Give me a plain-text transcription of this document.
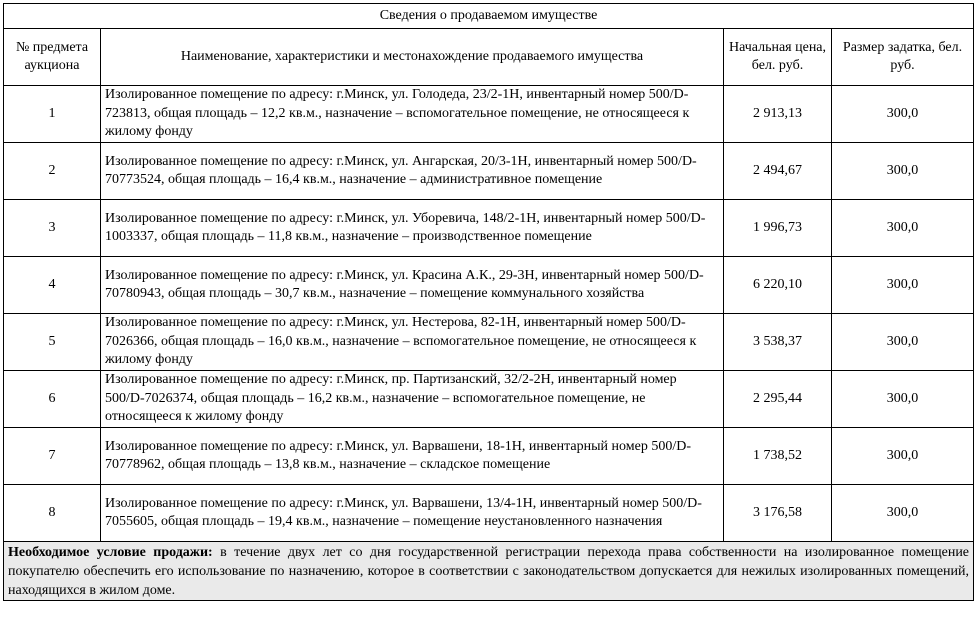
Сведения о продаваемом имуществе			
№ предмета аукциона	Наименование, характеристики и местонахождение продаваемого имущества	Начальная цена, бел. руб.	Размер задатка, бел. руб.
1	Изолированное помещение по адресу: г.Минск, ул. Голодеда, 23/2-1Н, инвентарный номер 500/D-723813, общая площадь – 12,2 кв.м., назначение – вспомогательное помещение, не относящееся к жилому фонду	2 913,13	300,0
2	Изолированное помещение по адресу: г.Минск, ул. Ангарская, 20/3-1Н, инвентарный номер 500/D-70773524, общая площадь – 16,4 кв.м., назначение – административное помещение	2 494,67	300,0
3	Изолированное помещение по адресу: г.Минск, ул. Уборевича, 148/2-1Н, инвентарный номер 500/D-1003337, общая площадь – 11,8 кв.м., назначение – производственное помещение	1 996,73	300,0
4	Изолированное помещение по адресу: г.Минск, ул. Красина А.К., 29-3Н, инвентарный номер 500/D-70780943, общая площадь – 30,7 кв.м., назначение – помещение коммунального хозяйства	6 220,10	300,0
5	Изолированное помещение по адресу: г.Минск, ул. Нестерова, 82-1Н, инвентарный номер 500/D-7026366, общая площадь – 16,0 кв.м., назначение – вспомогательное помещение, не относящееся к жилому фонду	3 538,37	300,0
6	Изолированное помещение по адресу: г.Минск, пр. Партизанский, 32/2-2Н, инвентарный номер 500/D-7026374, общая площадь – 16,2 кв.м., назначение – вспомогательное помещение, не относящееся к жилому фонду	2 295,44	300,0
7	Изолированное помещение по адресу: г.Минск, ул. Варвашени, 18-1Н, инвентарный номер 500/D-70778962, общая площадь – 13,8 кв.м., назначение – складское помещение	1 738,52	300,0
8	Изолированное помещение по адресу: г.Минск, ул. Варвашени, 13/4-1Н, инвентарный номер 500/D- 7055605, общая площадь – 19,4 кв.м., назначение – помещение неустановленного назначения	3 176,58	300,0
Необходимое условие продажи: в течение двух лет со дня государственной регистрации перехода права собственности на изолированное помещение покупателю обеспечить его использование по назначению, которое в соответствии с законодательством допускается для нежилых изолированных помещений, находящихся в жилом доме.			
